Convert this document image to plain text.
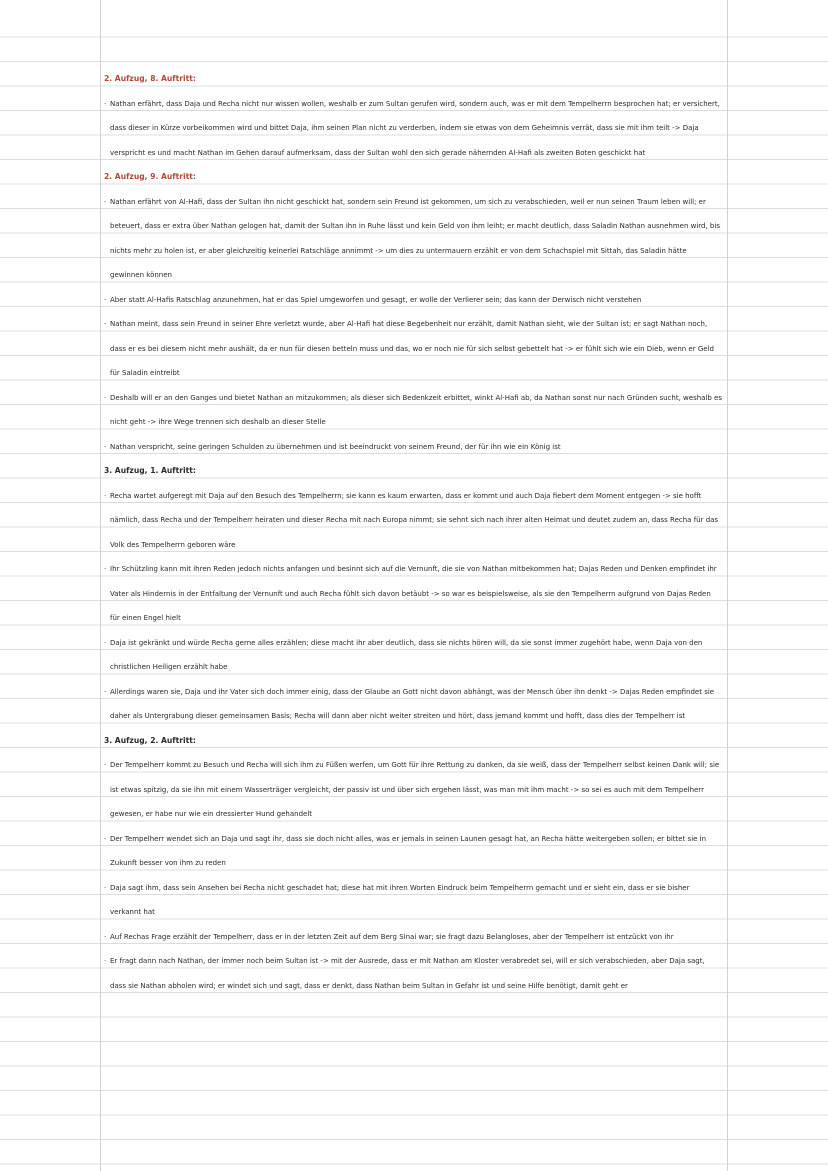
2. Aufzug, 8. Auftritt:
· Nathan erfährt, dass Daja und Recha nicht nur wissen wollen, weshalb er zum Sultan gerufen wird, sondern auch, was er mit dem Tempelherrn besprochen hat; er versichert, dass dieser in Kürze vorbeikommen wird und bittet Daja, ihm seinen Plan nicht zu verderben, indem sie etwas von dem Geheimnis verrät, dass sie mit ihm teilt -> Daja verspricht es und macht Nathan im Gehen darauf aufmerksam, dass der Sultan wohl den sich gerade nähernden Al-Hafi als zweiten Boten geschickt hat
2. Aufzug, 9. Auftritt:
· Nathan erfährt von Al-Hafi, dass der Sultan ihn nicht geschickt hat, sondern sein Freund ist gekommen, um sich zu verabschieden, weil er nun seinen Traum leben will; er beteuert, dass er extra über Nathan gelogen hat, damit der Sultan ihn in Ruhe lässt und kein Geld von ihm leiht; er macht deutlich, dass Saladin Nathan ausnehmen wird, bis nichts mehr zu holen ist, er aber gleichzeitig keinerlei Ratschläge annimmt -> um dies zu untermauern erzählt er von dem Schachspiel mit Sittah, das Saladin hätte gewinnen können
· Aber statt Al-Hafis Ratschlag anzunehmen, hat er das Spiel umgeworfen und gesagt, er wolle der Verlierer sein; das kann der Derwisch nicht verstehen
· Nathan meint, dass sein Freund in seiner Ehre verletzt wurde, aber Al-Hafi hat diese Begebenheit nur erzählt, damit Nathan sieht, wie der Sultan ist; er sagt Nathan noch, dass er es bei diesem nicht mehr aushält, da er nun für diesen betteln muss und das, wo er noch nie für sich selbst gebettelt hat -> er fühlt sich wie ein Dieb, wenn er Geld für Saladin eintreibt
· Deshalb will er an den Ganges und bietet Nathan an mitzukommen; als dieser sich Bedenkzeit erbittet, winkt Al-Hafi ab, da Nathan sonst nur nach Gründen sucht, weshalb es nicht geht -> ihre Wege trennen sich deshalb an dieser Stelle
· Nathan verspricht, seine geringen Schulden zu übernehmen und ist beeindruckt von seinem Freund, der für ihn wie ein König ist
3. Aufzug, 1. Auftritt:
· Recha wartet aufgeregt mit Daja auf den Besuch des Tempelherrn; sie kann es kaum erwarten, dass er kommt und auch Daja fiebert dem Moment entgegen -> sie hofft nämlich, dass Recha und der Tempelherr heiraten und dieser Recha mit nach Europa nimmt; sie sehnt sich nach ihrer alten Heimat und deutet zudem an, dass Recha für das Volk des Tempelherrn geboren wäre
· Ihr Schützling kann mit ihren Reden jedoch nichts anfangen und besinnt sich auf die Vernunft, die sie von Nathan mitbekommen hat; Dajas Reden und Denken empfindet ihr Vater als Hindernis in der Entfaltung der Vernunft und auch Recha fühlt sich davon betäubt -> so war es beispielsweise, als sie den Tempelherrn aufgrund von Dajas Reden für einen Engel hielt
· Daja ist gekränkt und würde Recha gerne alles erzählen; diese macht ihr aber deutlich, dass sie nichts hören will, da sie sonst immer zugehört habe, wenn Daja von den christlichen Heiligen erzählt habe
· Allerdings waren sie, Daja und ihr Vater sich doch immer einig, dass der Glaube an Gott nicht davon abhängt, was der Mensch über ihn denkt -> Dajas Reden empfindet sie daher als Untergrabung dieser gemeinsamen Basis; Recha will dann aber nicht weiter streiten und hört, dass jemand kommt und hofft, dass dies der Tempelherr ist
3. Aufzug, 2. Auftritt:
· Der Tempelherr kommt zu Besuch und Recha will sich ihm zu Füßen werfen, um Gott für ihre Rettung zu danken, da sie weiß, dass der Tempelherr selbst keinen Dank will; sie ist etwas spitzig, da sie ihn mit einem Wasserträger vergleicht, der passiv ist und über sich ergehen lässt, was man mit ihm macht -> so sei es auch mit dem Tempelherr gewesen, er habe nur wie ein dressierter Hund gehandelt
· Der Tempelherr wendet sich an Daja und sagt ihr, dass sie doch nicht alles, was er jemals in seinen Launen gesagt hat, an Recha hätte weitergeben sollen; er bittet sie in Zukunft besser von ihm zu reden
· Daja sagt ihm, dass sein Ansehen bei Recha nicht geschadet hat; diese hat mit ihren Worten Eindruck beim Tempelherrn gemacht und er sieht ein, dass er sie bisher verkannt hat
· Auf Rechas Frage erzählt der Tempelherr, dass er in der letzten Zeit auf dem Berg Sinai war; sie fragt dazu Belangloses, aber der Tempelherr ist entzückt von ihr
· Er fragt dann nach Nathan, der immer noch beim Sultan ist -> mit der Ausrede, dass er mit Nathan am Kloster verabredet sei, will er sich verabschieden, aber Daja sagt, dass sie Nathan abholen wird; er windet sich und sagt, dass er denkt, dass Nathan beim Sultan in Gefahr ist und seine Hilfe benötigt, damit geht er
